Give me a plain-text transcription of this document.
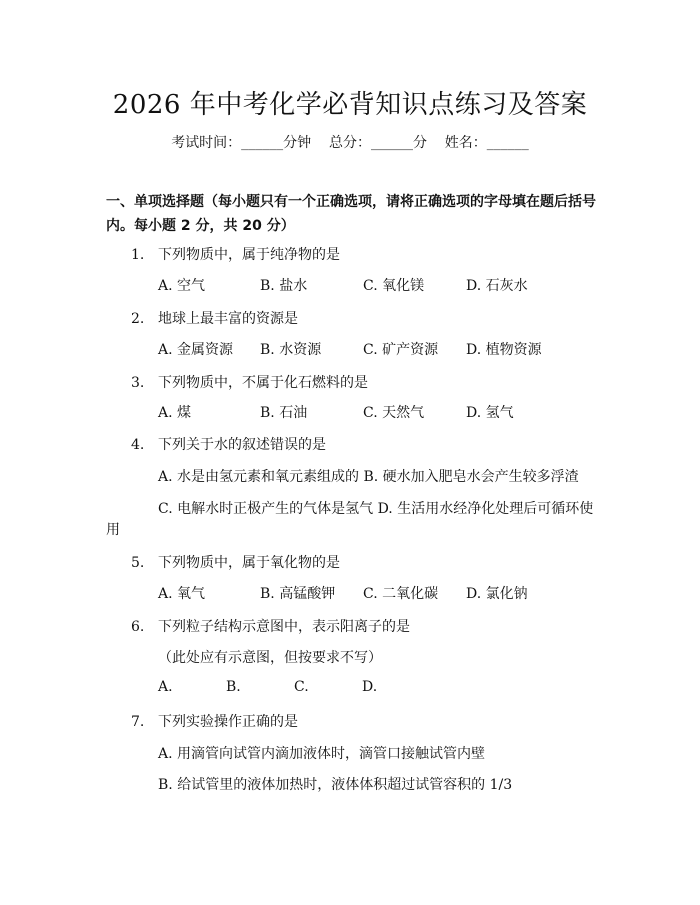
2026 年中考化学必背知识点练习及答案
考试时间：______分钟    总分：______分    姓名：______
一、单项选择题（每小题只有一个正确选项，请将正确选项的字母填在题后括号内。每小题 2 分，共 20 分）
1. 下列物质中，属于纯净物的是
A. 空气	B. 盐水	C. 氧化镁	D. 石灰水
2. 地球上最丰富的资源是
A. 金属资源 B. 水资源	C. 矿产资源 D. 植物资源
3. 下列物质中，不属于化石燃料的是
A. 煤	B. 石油	C. 天然气	D. 氢气
4. 下列关于水的叙述错误的是
A. 水是由氢元素和氧元素组成的 B. 硬水加入肥皂水会产生较多浮渣
C. 电解水时正极产生的气体是氢气 D. 生活用水经净化处理后可循环使
用
5. 下列物质中，属于氧化物的是
A. 氧气	B. 高锰酸钾 C. 二氧化碳 D. 氯化钠
6. 下列粒子结构示意图中，表示阳离子的是
（此处应有示意图，但按要求不写）
A.	B.	C.	D.
7. 下列实验操作正确的是
A. 用滴管向试管内滴加液体时，滴管口接触试管内壁
B. 给试管里的液体加热时，液体体积超过试管容积的 1/3
